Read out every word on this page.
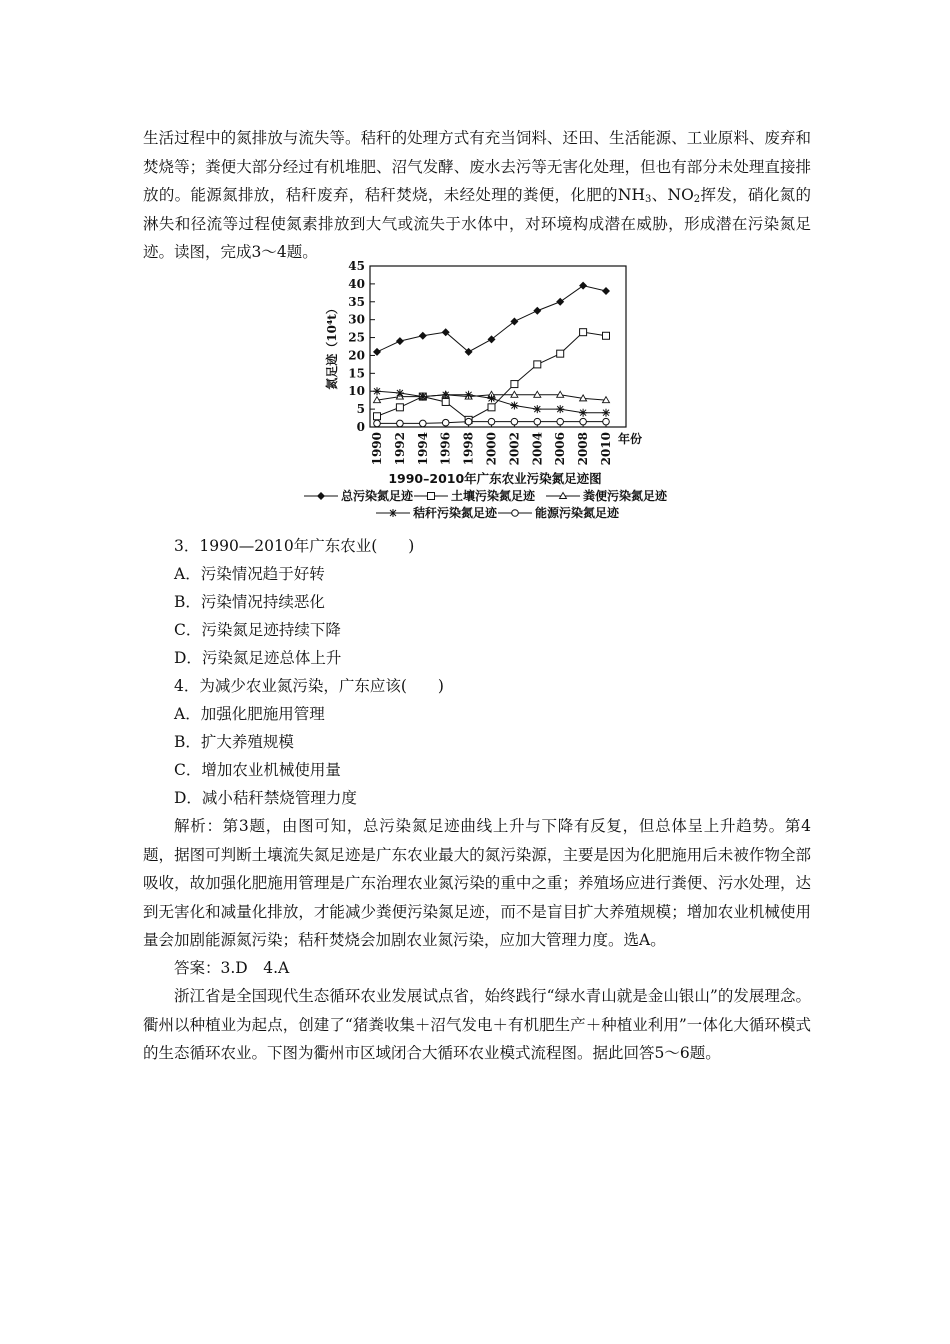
生活过程中的氮排放与流失等。秸秆的处理方式有充当饲料、还田、生活能源、工业原料、废弃和焚烧等；粪便大部分经过有机堆肥、沼气发酵、废水去污等无害化处理，但也有部分未处理直接排放的。能源氮排放，秸秆废弃，秸秆焚烧，未经处理的粪便，化肥的$NH_3$、$NO_2$挥发，硝化氮的淋失和径流等过程使氮素排放到大气或流失于水体中，对环境构成潜在威胁，形成潜在污染氮足迹。读图，完成3～4题。

0
5
10
15
20
25
30
35
40
45
1990 1992 1994 1996 1998 2000 2002 2004 2006 2008 2010
氮足迹（10⁴t）
年份
1990–2010年广东农业污染氮足迹图
总污染氮足迹	土壤污染氮足迹	粪便污染氮足迹
秸秆污染氮足迹	能源污染氮足迹

3．1990—2010年广东农业(　　)

A．污染情况趋于好转

B．污染情况持续恶化

C．污染氮足迹持续下降

D．污染氮足迹总体上升

4．为减少农业氮污染，广东应该(　　)

A．加强化肥施用管理

B．扩大养殖规模

C．增加农业机械使用量

D．减小秸秆禁烧管理力度

解析：第3题，由图可知，总污染氮足迹曲线上升与下降有反复，但总体呈上升趋势。第4题，据图可判断土壤流失氮足迹是广东农业最大的氮污染源，主要是因为化肥施用后未被作物全部吸收，故加强化肥施用管理是广东治理农业氮污染的重中之重；养殖场应进行粪便、污水处理，达到无害化和减量化排放，才能减少粪便污染氮足迹，而不是盲目扩大养殖规模；增加农业机械使用量会加剧能源氮污染；秸秆焚烧会加剧农业氮污染，应加大管理力度。选A。

答案：3.D　4.A

浙江省是全国现代生态循环农业发展试点省，始终践行“绿水青山就是金山银山”的发展理念。衢州以种植业为起点，创建了“猪粪收集＋沼气发电＋有机肥生产＋种植业利用”一体化大循环模式的生态循环农业。下图为衢州市区域闭合大循环农业模式流程图。据此回答5～6题。
